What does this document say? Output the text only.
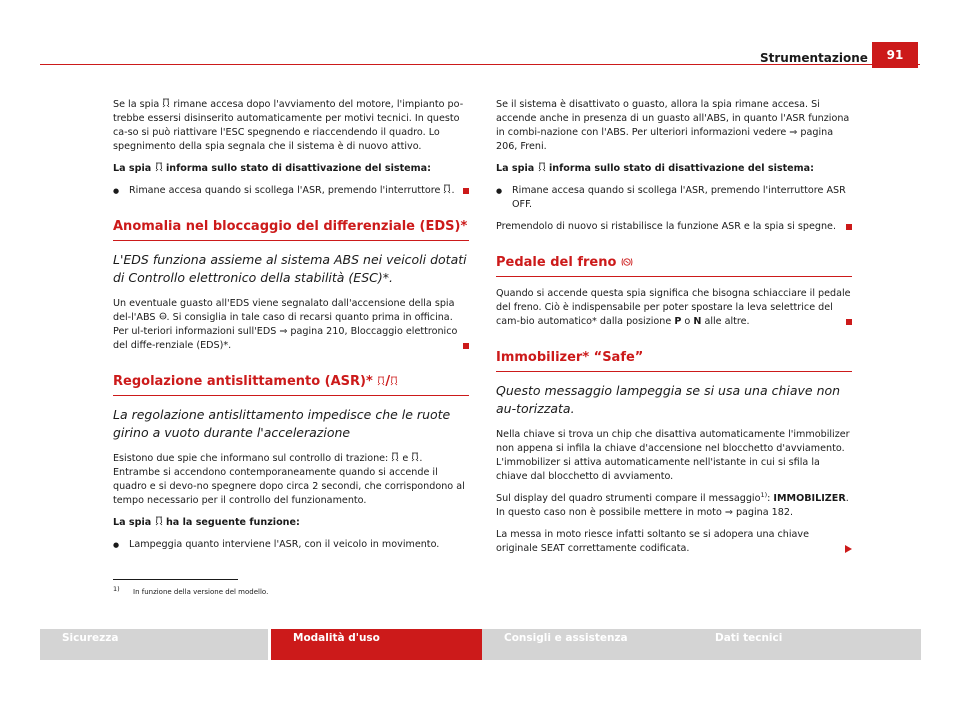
Strumentazione	91

Se la spia
rimane accesa dopo l'avviamento del motore, l'impianto po-trebbe essersi disinserito automaticamente per motivi tecnici. In questo ca-so si può riattivare l'ESC spegnendo e riaccendendo il quadro. Lo spegnimento della spia segnala che il sistema è di nuovo attivo.

La spia
informa sullo stato di disattivazione del sistema:

● Rimane accesa quando si scollega l'ASR, premendo l'interruttore
.
Anomalia nel bloccaggio del differenziale (EDS)*

L'EDS funziona assieme al sistema ABS nei veicoli dotati di Controllo elettronico della stabilità (ESC)*.

Un eventuale guasto all'EDS viene segnalato dall'accensione della spia del-l'ABS ABS . Si consiglia in tale caso di recarsi quanto prima in officina. Per ul-teriori informazioni sull'EDS ⇒ pagina 210, Bloccaggio elettronico del diffe-renziale (EDS)*.

Regolazione antislittamento (ASR)*
/

La regolazione antislittamento impedisce che le ruote girino a vuoto durante l'accelerazione

Esistono due spie che informano sul controllo di trazione:
e
. Entrambe si accendono contemporaneamente quando si accende il quadro e si devo-no spegnere dopo circa 2 secondi, che corrispondono al tempo necessario per il controllo del funzionamento.

La spia
ha la seguente funzione:

● Lampeggia quanto interviene l'ASR, con il veicolo in movimento.

Se il sistema è disattivato o guasto, allora la spia rimane accesa. Si accende anche in presenza di un guasto all'ABS, in quanto l'ASR funziona in combi-nazione con l'ABS. Per ulteriori informazioni vedere ⇒ pagina 206, Freni.

La spia
informa sullo stato di disattivazione del sistema:

● Rimane accesa quando si scollega l'ASR, premendo l'interruttore ASR OFF.

Premendolo di nuovo si ristabilisce la funzione ASR e la spia si spegne.

Pedale del freno

Quando si accende questa spia significa che bisogna schiacciare il pedale del freno. Ciò è indispensabile per poter spostare la leva selettrice del cam-bio automatico* dalla posizione P o N alle altre.

Immobilizer* “Safe”

Questo messaggio lampeggia se si usa una chiave non au-torizzata.

Nella chiave si trova un chip che disattiva automaticamente l'immobilizer non appena si infila la chiave d'accensione nel blocchetto d'avviamento. L'immobilizer si attiva automaticamente nell'istante in cui si sfila la chiave dal blocchetto di avviamento.

Sul display del quadro strumenti compare il messaggio$^{1)}$: IMMOBILIZER. In questo caso non è possibile mettere in moto ⇒ pagina 182.

La messa in moto riesce infatti soltanto se si adopera una chiave originale SEAT correttamente codificata.

1) In funzione della versione del modello.
Sicurezza	Modalità d'uso	Consigli e assistenza	Dati tecnici
